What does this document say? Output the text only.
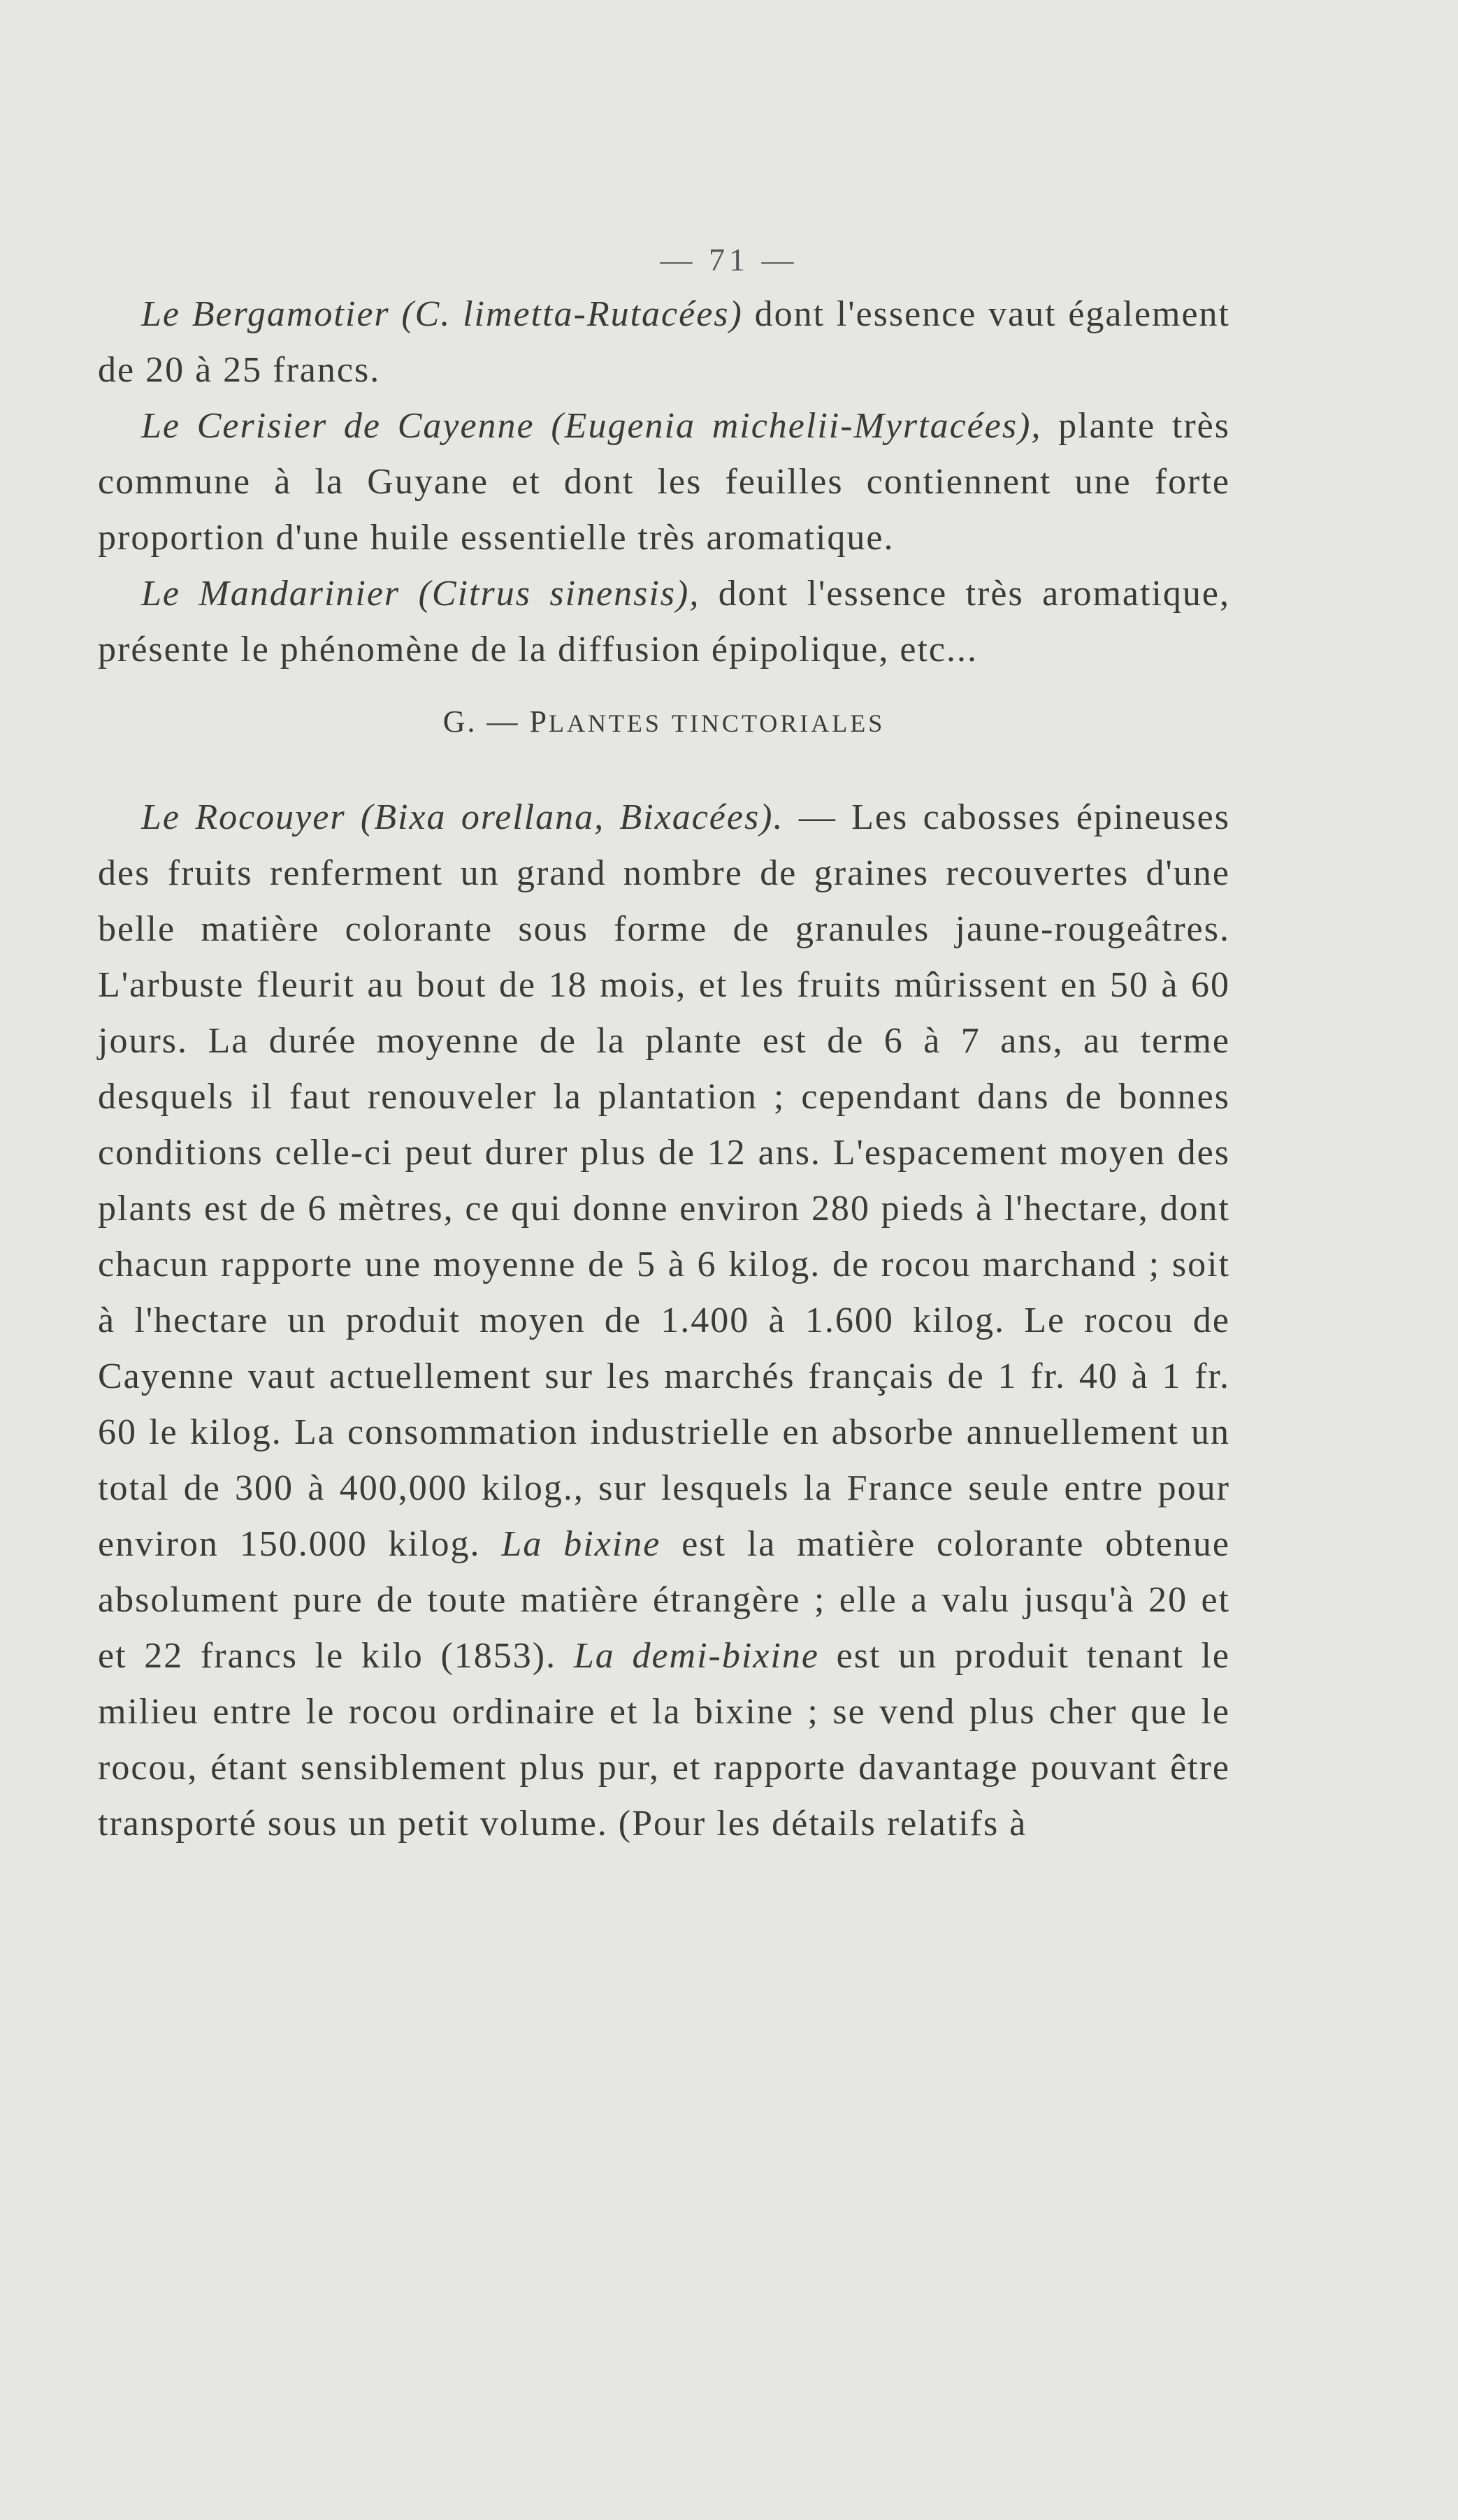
— 71 —

Le Bergamotier (C. limetta-Rutacées) dont l'essence vaut également de 20 à 25 francs.

Le Cerisier de Cayenne (Eugenia michelii-Myrtacées), plante très commune à la Guyane et dont les feuilles contiennent une forte proportion d'une huile essentielle très aromatique.

Le Mandarinier (Citrus sinensis), dont l'essence très aromatique, présente le phénomène de la diffusion épipolique, etc...

G. — PLANTES TINCTORIALES

Le Rocouyer (Bixa orellana, Bixacées). — Les cabosses épineuses des fruits renferment un grand nombre de graines recouvertes d'une belle matière colorante sous forme de granules jaune-rougeâtres. L'arbuste fleurit au bout de 18 mois, et les fruits mûrissent en 50 à 60 jours. La durée moyenne de la plante est de 6 à 7 ans, au terme desquels il faut renouveler la plantation ; cependant dans de bonnes conditions celle-ci peut durer plus de 12 ans. L'espacement moyen des plants est de 6 mètres, ce qui donne environ 280 pieds à l'hectare, dont chacun rapporte une moyenne de 5 à 6 kilog. de rocou marchand ; soit à l'hectare un produit moyen de 1.400 à 1.600 kilog. Le rocou de Cayenne vaut actuellement sur les marchés français de 1 fr. 40 à 1 fr. 60 le kilog. La consommation industrielle en absorbe annuellement un total de 300 à 400,000 kilog., sur lesquels la France seule entre pour environ 150.000 kilog. La bixine est la matière colorante obtenue absolument pure de toute matière étrangère ; elle a valu jusqu'à 20 et et 22 francs le kilo (1853). La demi-bixine est un produit tenant le milieu entre le rocou ordinaire et la bixine ; se vend plus cher que le rocou, étant sensiblement plus pur, et rapporte davantage pouvant être transporté sous un petit volume. (Pour les détails relatifs à
